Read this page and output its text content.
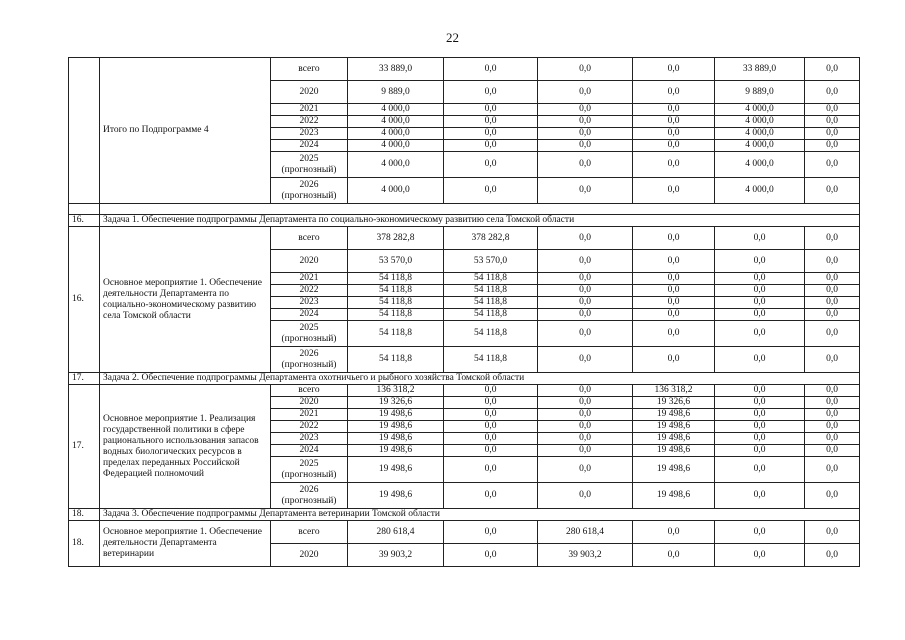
22
	Итого по Подпрограмме 4	всего	33 889,0	0,0	0,0	0,0	33 889,0	0,0
		2020	9 889,0	0,0	0,0	0,0	9 889,0	0,0
		2021	4 000,0	0,0	0,0	0,0	4 000,0	0,0
		2022	4 000,0	0,0	0,0	0,0	4 000,0	0,0
		2023	4 000,0	0,0	0,0	0,0	4 000,0	0,0
		2024	4 000,0	0,0	0,0	0,0	4 000,0	0,0
		2025 (прогнозный)	4 000,0	0,0	0,0	0,0	4 000,0	0,0
		2026 (прогнозный)	4 000,0	0,0	0,0	0,0	4 000,0	0,0

16.	Задача 1. Обеспечение подпрограммы Департамента по социально-экономическому развитию села Томской области							
16.	Основное мероприятие 1. Обеспечение деятельности Департамента по социально-экономическому развитию села Томской области	всего	378 282,8	378 282,8	0,0	0,0	0,0	0,0
		2020	53 570,0	53 570,0	0,0	0,0	0,0	0,0
		2021	54 118,8	54 118,8	0,0	0,0	0,0	0,0
		2022	54 118,8	54 118,8	0,0	0,0	0,0	0,0
		2023	54 118,8	54 118,8	0,0	0,0	0,0	0,0
		2024	54 118,8	54 118,8	0,0	0,0	0,0	0,0
		2025 (прогнозный)	54 118,8	54 118,8	0,0	0,0	0,0	0,0
		2026 (прогнозный)	54 118,8	54 118,8	0,0	0,0	0,0	0,0
17.	Задача 2. Обеспечение подпрограммы Департамента охотничьего и рыбного хозяйства Томской области							
17.	Основное мероприятие 1. Реализация государственной политики в сфере рационального использования запасов водных биологических ресурсов в пределах переданных Российской Федерацией полномочий	всего	136 318,2	0,0	0,0	136 318,2	0,0	0,0
		2020	19 326,6	0,0	0,0	19 326,6	0,0	0,0
		2021	19 498,6	0,0	0,0	19 498,6	0,0	0,0
		2022	19 498,6	0,0	0,0	19 498,6	0,0	0,0
		2023	19 498,6	0,0	0,0	19 498,6	0,0	0,0
		2024	19 498,6	0,0	0,0	19 498,6	0,0	0,0
		2025 (прогнозный)	19 498,6	0,0	0,0	19 498,6	0,0	0,0
		2026 (прогнозный)	19 498,6	0,0	0,0	19 498,6	0,0	0,0
18.	Задача 3. Обеспечение подпрограммы Департамента ветеринарии Томской области							
18.	Основное мероприятие 1. Обеспечение деятельности Департамента ветеринарии	всего	280 618,4	0,0	280 618,4	0,0	0,0	0,0
		2020	39 903,2	0,0	39 903,2	0,0	0,0	0,0
